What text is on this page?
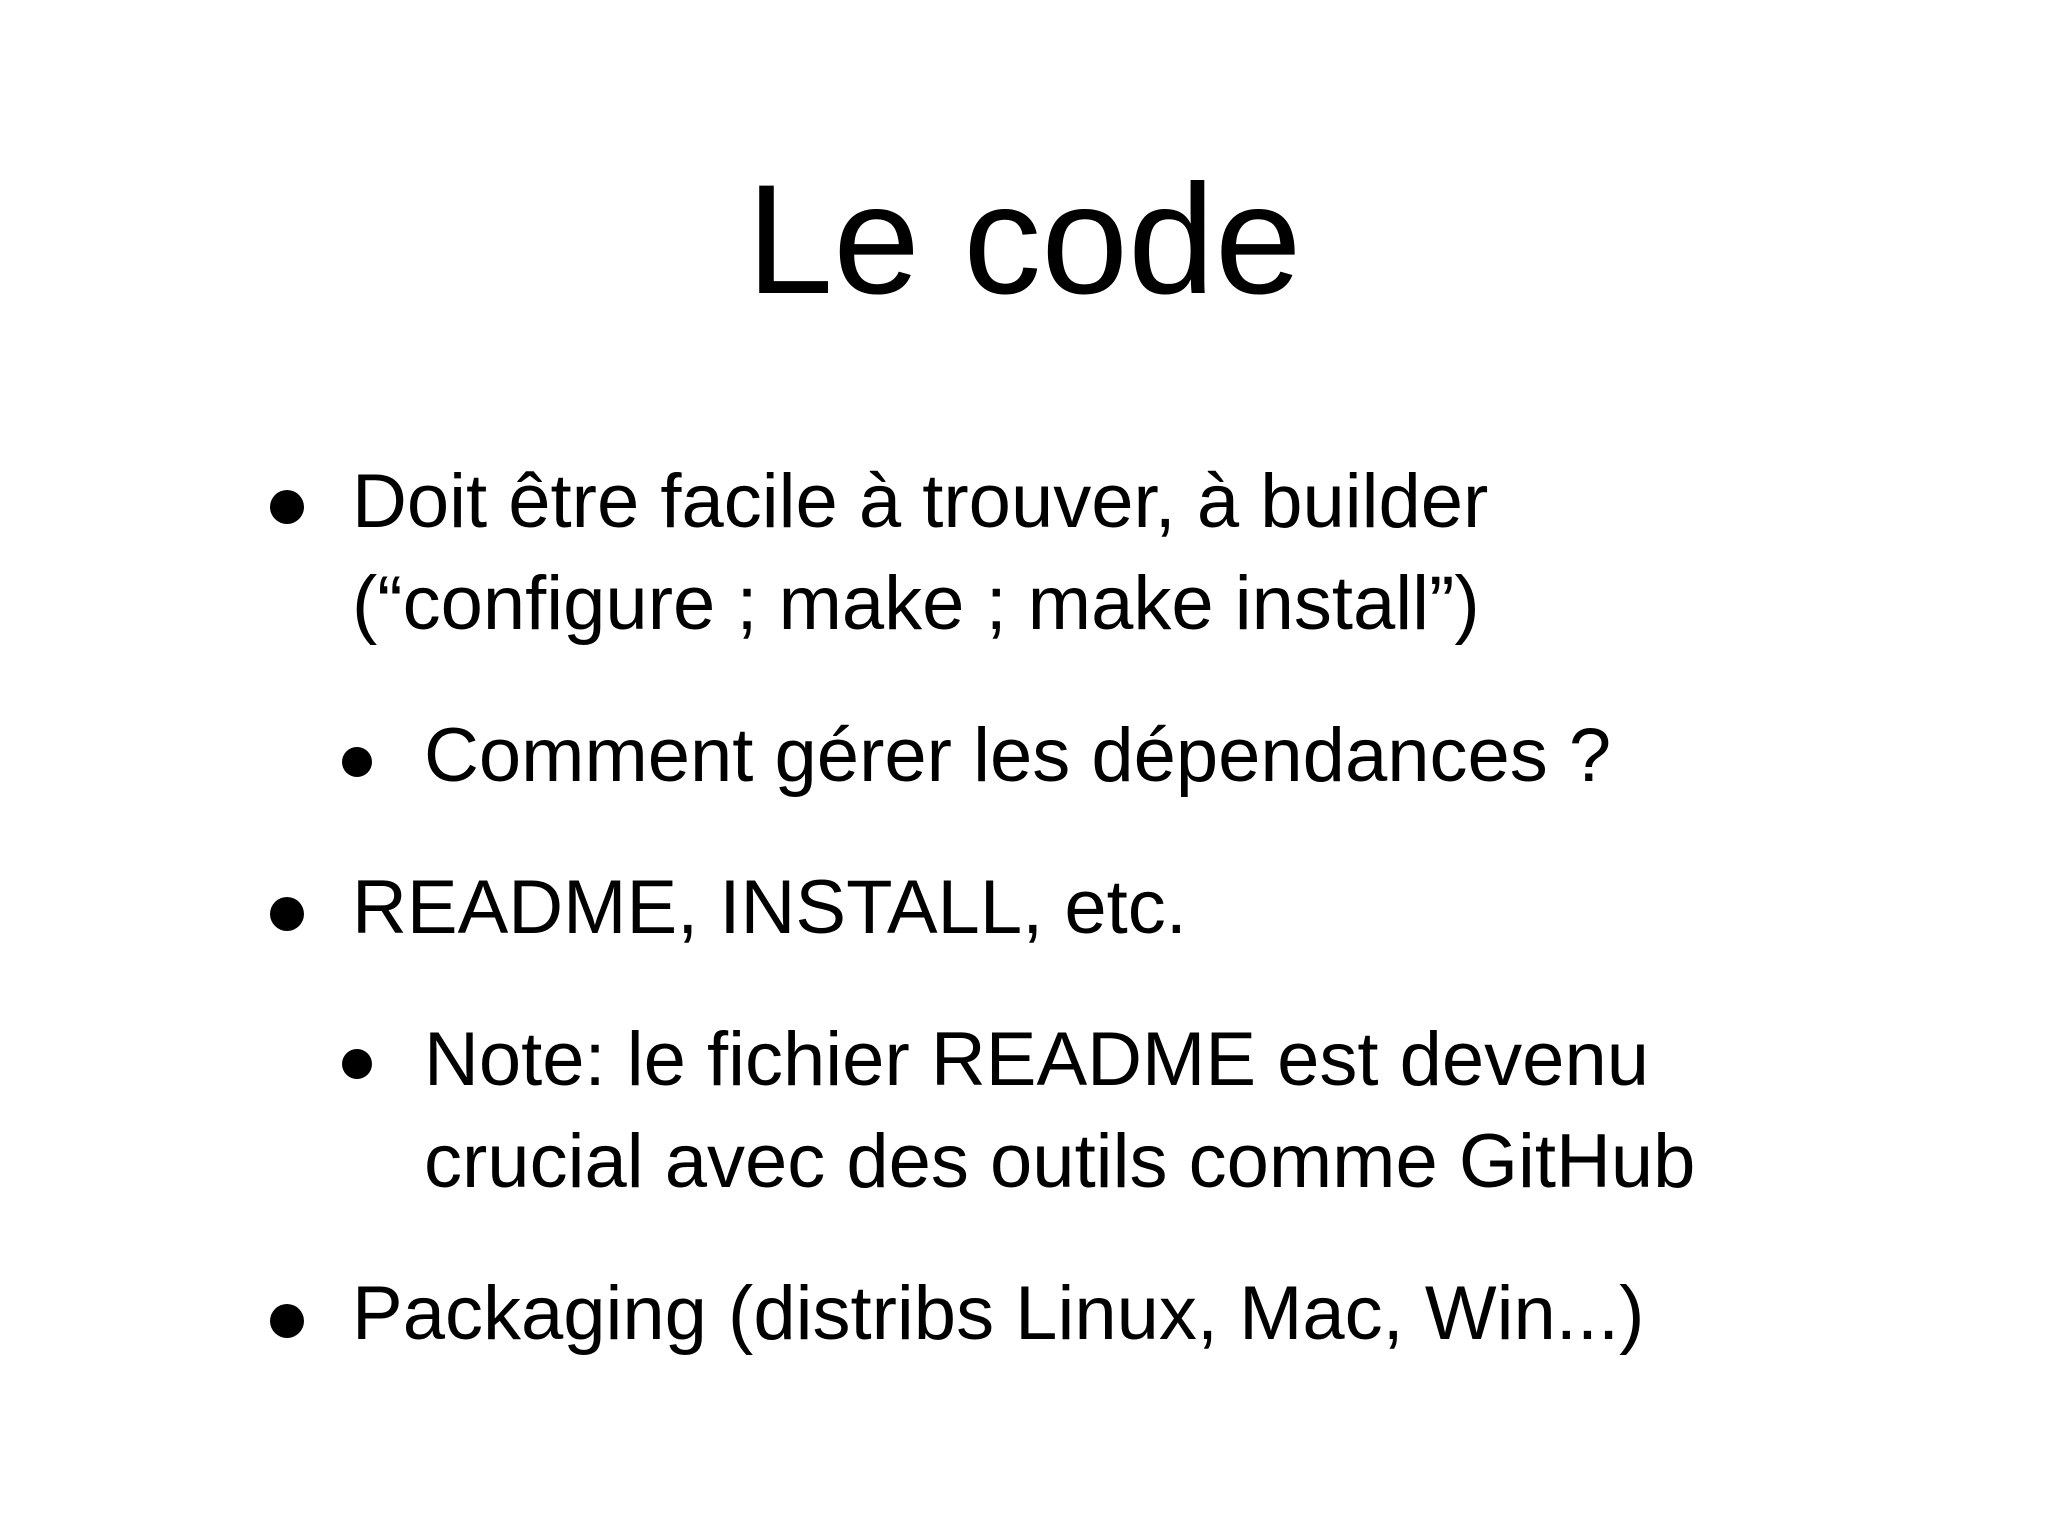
Le code
Doit être facile à trouver, à builder
(“configure ; make ; make install”)
Comment gérer les dépendances ?
README, INSTALL, etc.
Note: le fichier README est devenu
crucial avec des outils comme GitHub
Packaging (distribs Linux, Mac, Win...)
